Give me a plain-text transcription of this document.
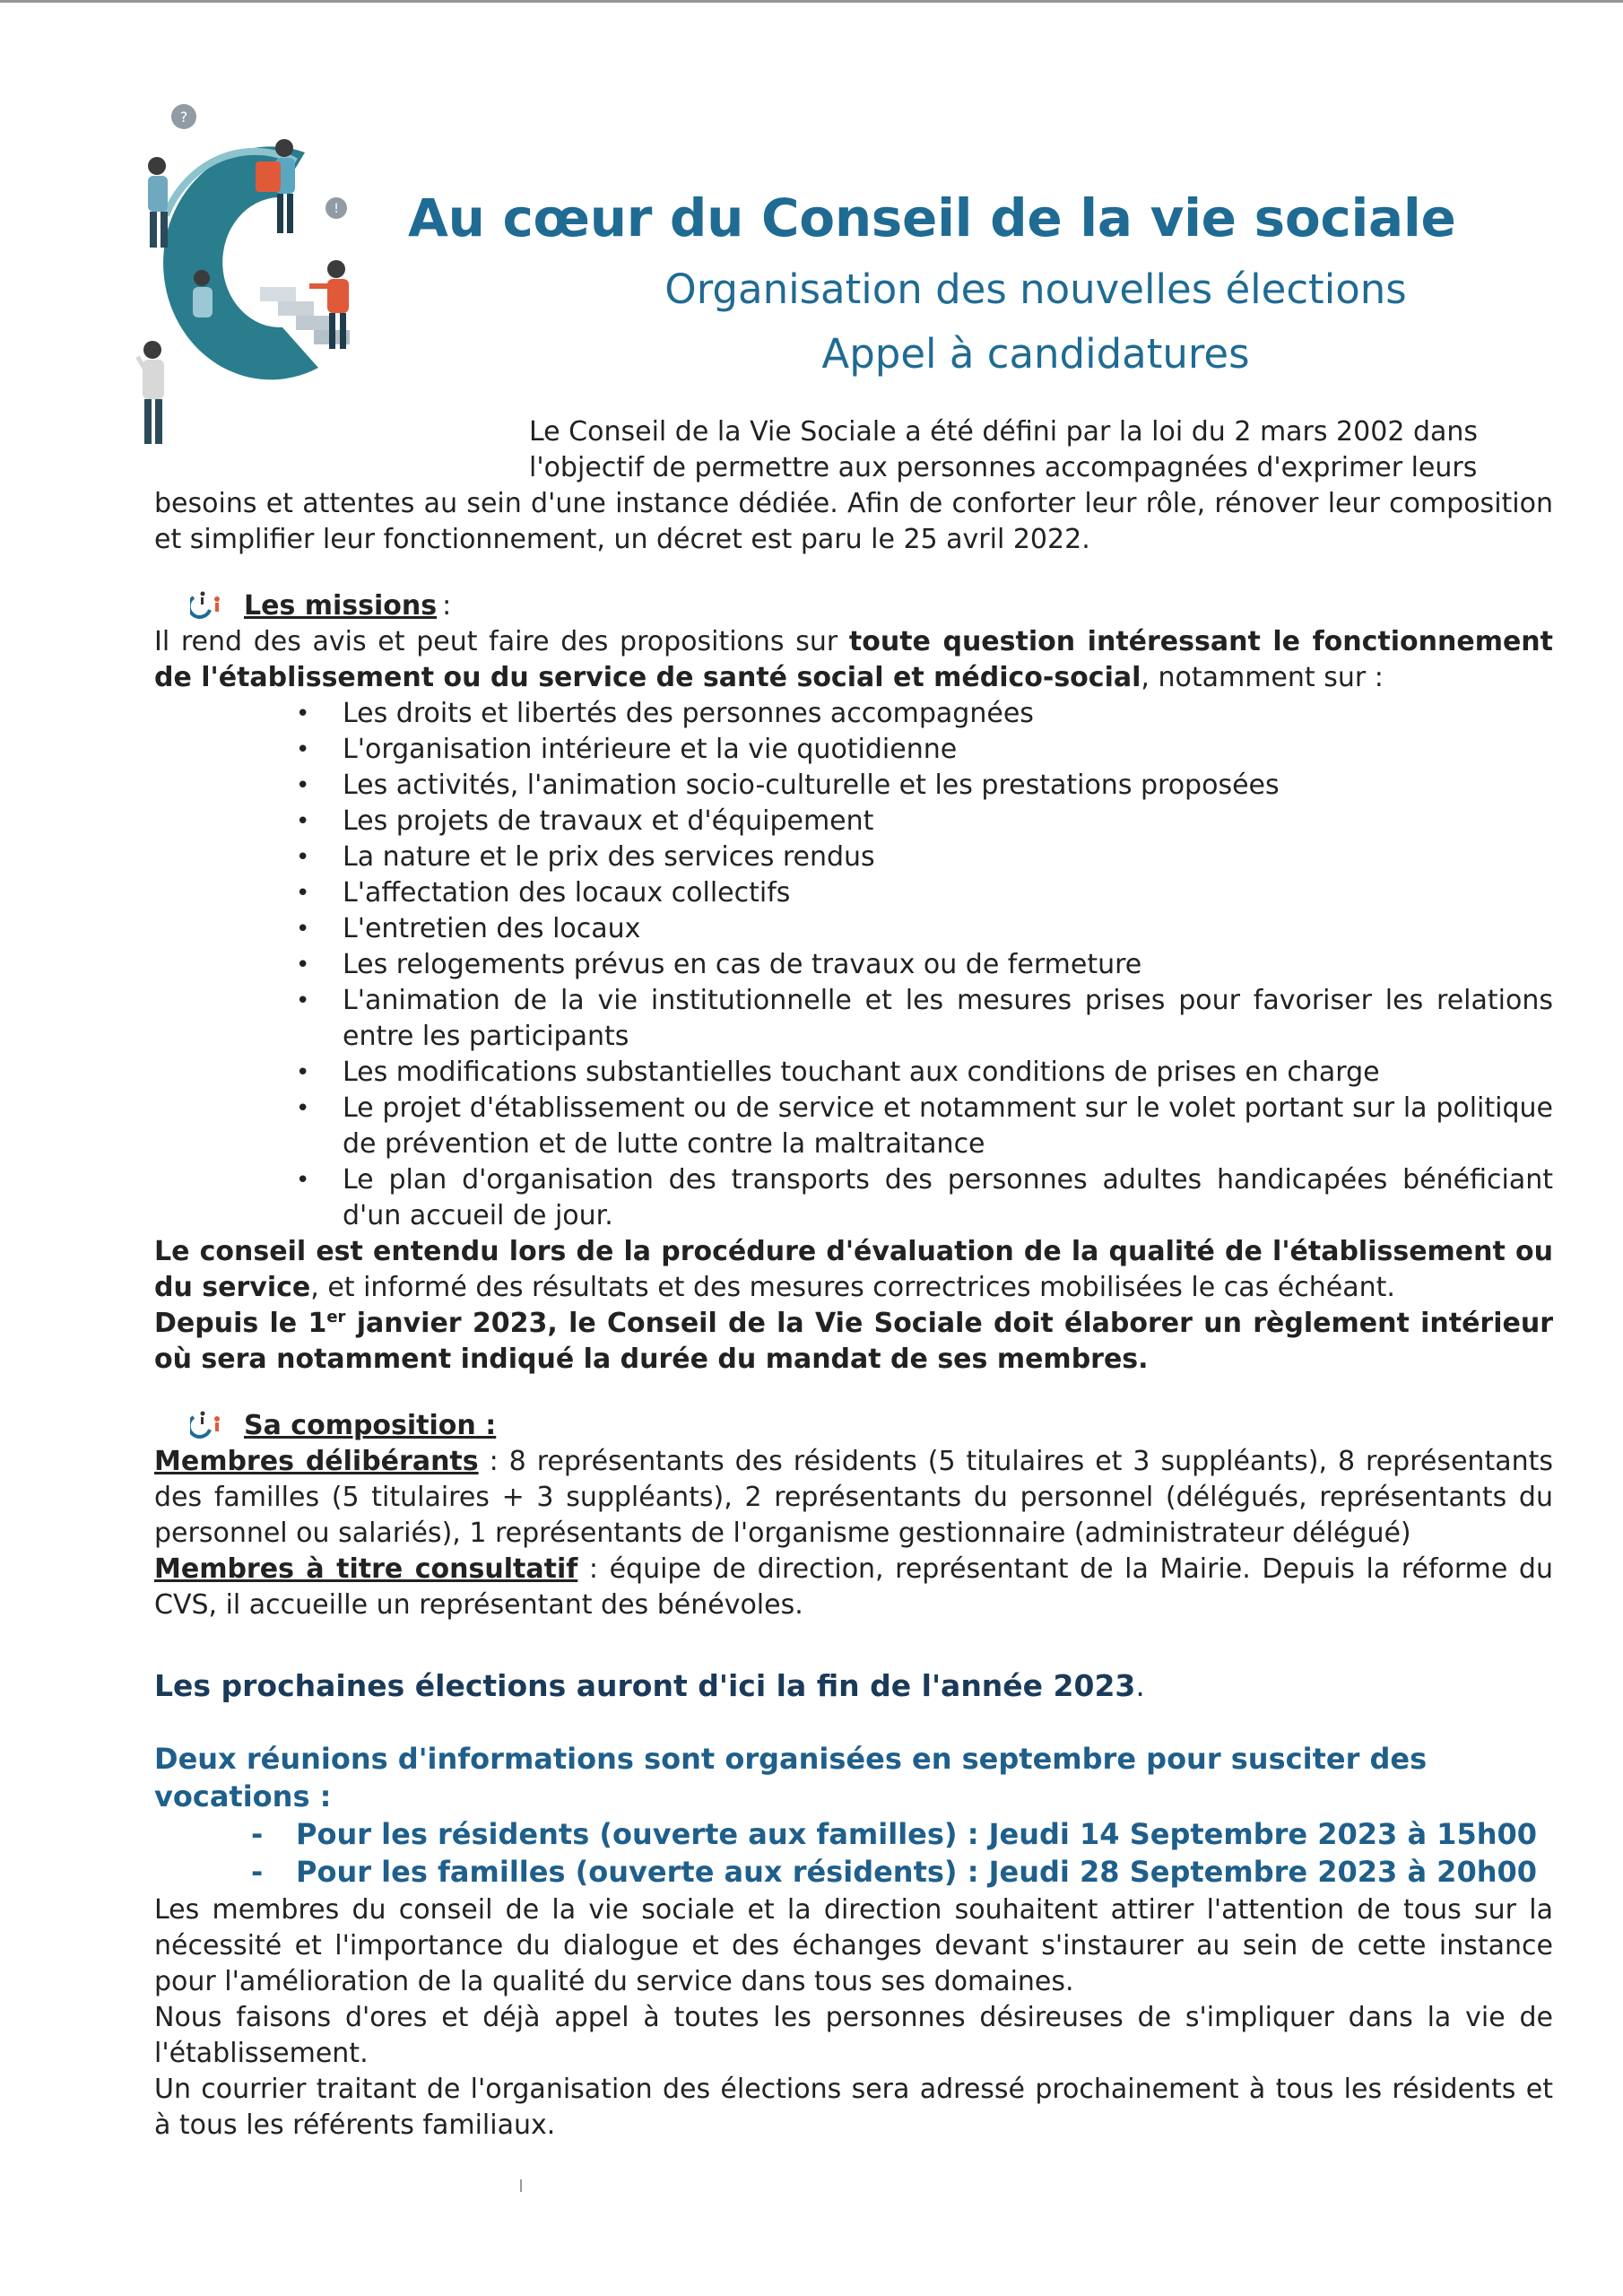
?
! Au cœur du Conseil de la vie sociale
Organisation des nouvelles élections
Appel à candidatures

Le Conseil de la Vie Sociale a été défini par la loi du 2 mars 2002 dans
l'objectif de permettre aux personnes accompagnées d'exprimer leurs
besoins et attentes au sein d'une instance dédiée. Afin de conforter leur rôle, rénover leur composition et simplifier leur fonctionnement, un décret est paru le 25 avril 2022.

Les missions :

Il rend des avis et peut faire des propositions sur toute question intéressant le fonctionnement de l'établissement ou du service de santé social et médico-social, notamment sur :

• Les droits et libertés des personnes accompagnées
• L'organisation intérieure et la vie quotidienne
• Les activités, l'animation socio-culturelle et les prestations proposées
• Les projets de travaux et d'équipement
• La nature et le prix des services rendus
• L'affectation des locaux collectifs
• L'entretien des locaux
• Les relogements prévus en cas de travaux ou de fermeture
• L'animation de la vie institutionnelle et les mesures prises pour favoriser les relations entre les participants
• Les modifications substantielles touchant aux conditions de prises en charge
• Le projet d'établissement ou de service et notamment sur le volet portant sur la politique de prévention et de lutte contre la maltraitance
• Le plan d'organisation des transports des personnes adultes handicapées bénéficiant d'un accueil de jour.

Le conseil est entendu lors de la procédure d'évaluation de la qualité de l'établissement ou du service, et informé des résultats et des mesures correctrices mobilisées le cas échéant.

Depuis le 1er janvier 2023, le Conseil de la Vie Sociale doit élaborer un règlement intérieur où sera notamment indiqué la durée du mandat de ses membres.

Sa composition :

Membres délibérants : 8 représentants des résidents (5 titulaires et 3 suppléants), 8 représentants des familles (5 titulaires + 3 suppléants), 2 représentants du personnel (délégués, représentants du personnel ou salariés), 1 représentants de l'organisme gestionnaire (administrateur délégué)

Membres à titre consultatif : équipe de direction, représentant de la Mairie. Depuis la réforme du CVS, il accueille un représentant des bénévoles.

Les prochaines élections auront d'ici la fin de l'année 2023.

Deux réunions d'informations sont organisées en septembre pour susciter des vocations :

- Pour les résidents (ouverte aux familles) : Jeudi 14 Septembre 2023 à 15h00
- Pour les familles (ouverte aux résidents) : Jeudi 28 Septembre 2023 à 20h00

Les membres du conseil de la vie sociale et la direction souhaitent attirer l'attention de tous sur la nécessité et l'importance du dialogue et des échanges devant s'instaurer au sein de cette instance pour l'amélioration de la qualité du service dans tous ses domaines.

Nous faisons d'ores et déjà appel à toutes les personnes désireuses de s'impliquer dans la vie de l'établissement.

Un courrier traitant de l'organisation des élections sera adressé prochainement à tous les résidents et à tous les référents familiaux.
